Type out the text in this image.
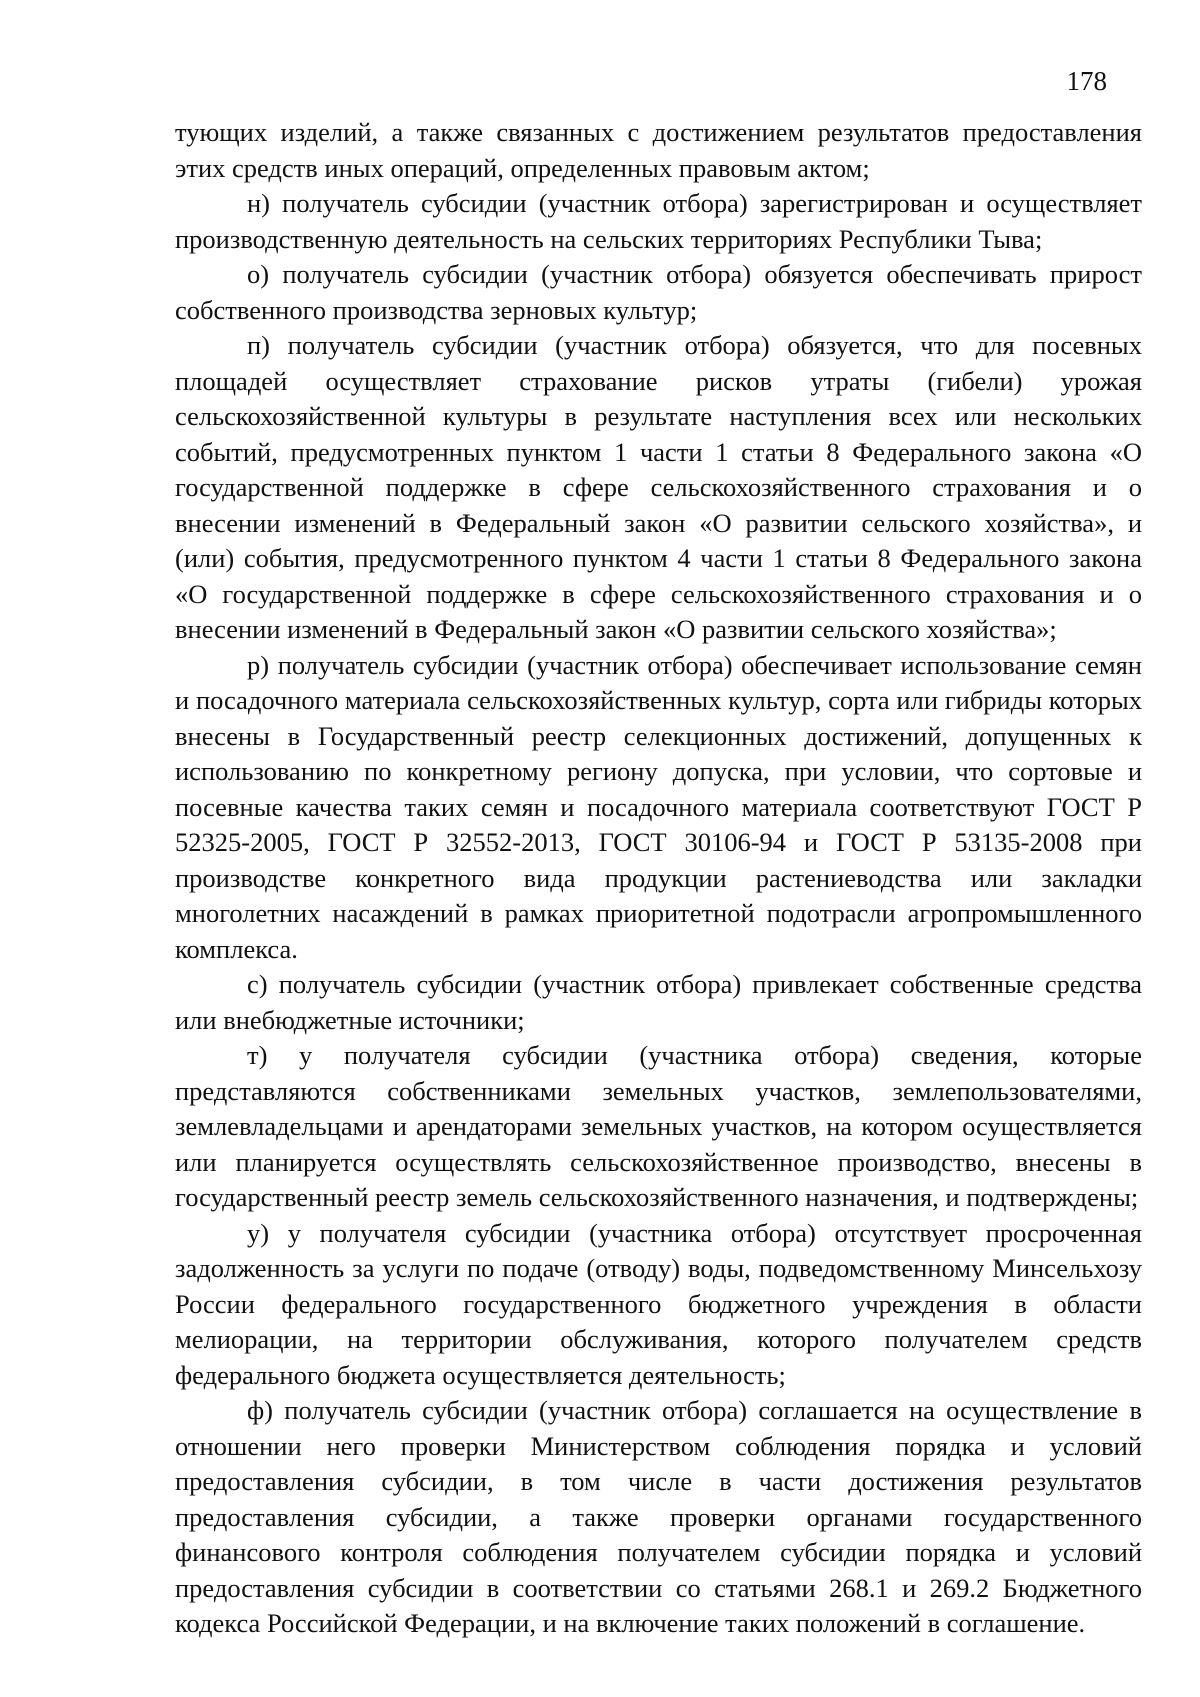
178

тующих изделий, а также связанных с достижением результатов предоставления этих средств иных операций, определенных правовым актом;

н) получатель субсидии (участник отбора) зарегистрирован и осуществляет производственную деятельность на сельских территориях Республики Тыва;

о) получатель субсидии (участник отбора) обязуется обеспечивать прирост собственного производства зерновых культур;

п) получатель субсидии (участник отбора) обязуется, что для посевных площадей осуществляет страхование рисков утраты (гибели) урожая сельскохозяйственной культуры в результате наступления всех или нескольких событий, предусмотренных пунктом 1 части 1 статьи 8 Федерального закона «О государственной поддержке в сфере сельскохозяйственного страхования и о внесении изменений в Федеральный закон «О развитии сельского хозяйства», и (или) события, предусмотренного пунктом 4 части 1 статьи 8 Федерального закона «О государственной поддержке в сфере сельскохозяйственного страхования и о внесении изменений в Федеральный закон «О развитии сельского хозяйства»;

р) получатель субсидии (участник отбора) обеспечивает использование семян и посадочного материала сельскохозяйственных культур, сорта или гибриды которых внесены в Государственный реестр селекционных достижений, допущенных к использованию по конкретному региону допуска, при условии, что сортовые и посевные качества таких семян и посадочного материала соответствуют ГОСТ Р 52325-2005, ГОСТ Р 32552-2013, ГОСТ 30106-94 и ГОСТ Р 53135-2008 при производстве конкретного вида продукции растениеводства или закладки многолетних насаждений в рамках приоритетной подотрасли агропромышленного комплекса.

с) получатель субсидии (участник отбора) привлекает собственные средства или внебюджетные источники;

т) у получателя субсидии (участника отбора) сведения, которые представляются собственниками земельных участков, землепользователями, землевладельцами и арендаторами земельных участков, на котором осуществляется или планируется осуществлять сельскохозяйственное производство, внесены в государственный реестр земель сельскохозяйственного назначения, и подтверждены;

у) у получателя субсидии (участника отбора) отсутствует просроченная задолженность за услуги по подаче (отводу) воды, подведомственному Минсельхозу России федерального государственного бюджетного учреждения в области мелиорации, на территории обслуживания, которого получателем средств федерального бюджета осуществляется деятельность;

ф) получатель субсидии (участник отбора) соглашается на осуществление в отношении него проверки Министерством соблюдения порядка и условий предоставления субсидии, в том числе в части достижения результатов предоставления субсидии, а также проверки органами государственного финансового контроля соблюдения получателем субсидии порядка и условий предоставления субсидии в соответствии со статьями 268.1 и 269.2 Бюджетного кодекса Российской Федерации, и на включение таких положений в соглашение.
